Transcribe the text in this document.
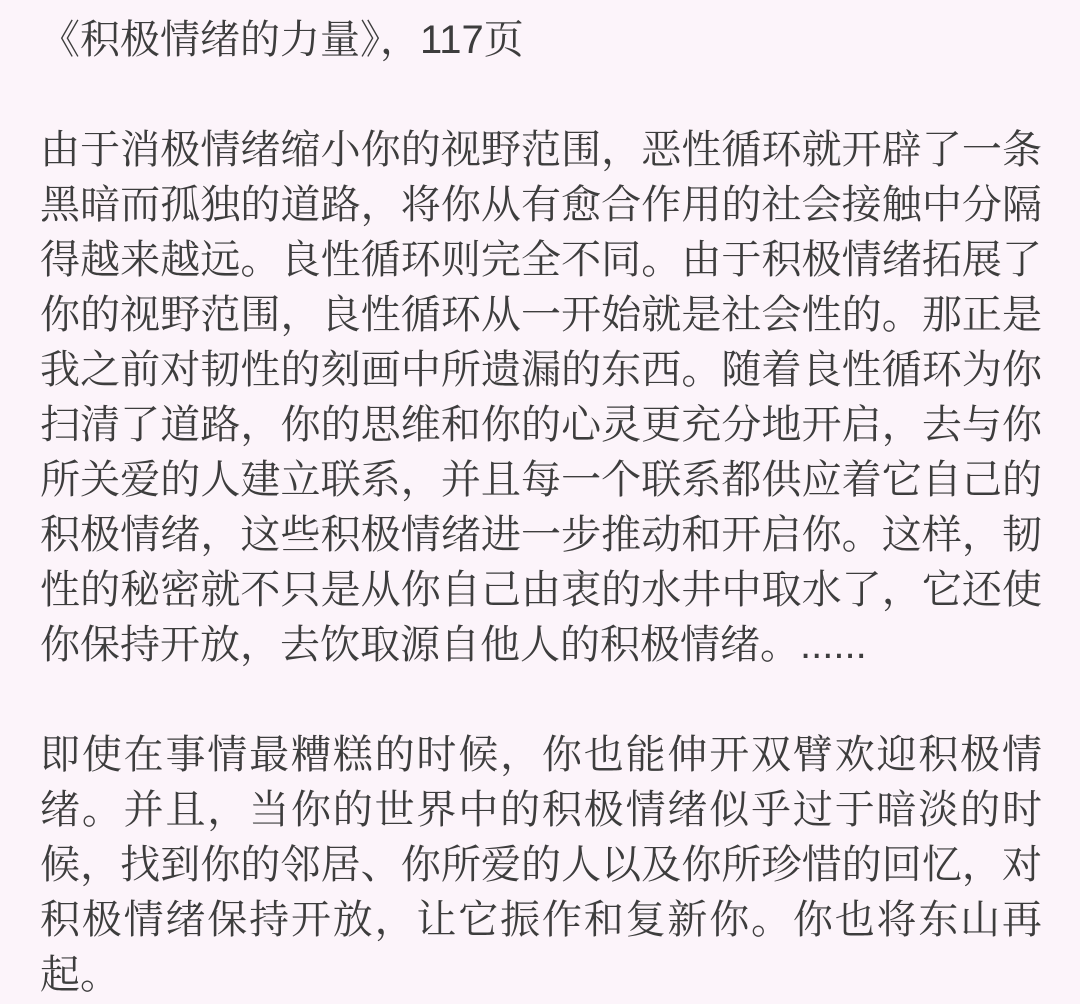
《积极情绪的力量》，117页

由于消极情绪缩小你的视野范围，恶性循环就开辟了一条黑暗而孤独的道路，将你从有愈合作用的社会接触中分隔得越来越远。良性循环则完全不同。由于积极情绪拓展了你的视野范围，良性循环从一开始就是社会性的。那正是我之前对韧性的刻画中所遗漏的东西。随着良性循环为你扫清了道路，你的思维和你的心灵更充分地开启，去与你所关爱的人建立联系，并且每一个联系都供应着它自己的积极情绪，这些积极情绪进一步推动和开启你。这样，韧性的秘密就不只是从你自己由衷的水井中取水了，它还使你保持开放，去饮取源自他人的积极情绪。......

即使在事情最糟糕的时候，你也能伸开双臂欢迎积极情绪。并且，当你的世界中的积极情绪似乎过于暗淡的时候，找到你的邻居、你所爱的人以及你所珍惜的回忆，对积极情绪保持开放，让它振作和复新你。你也将东山再起。
